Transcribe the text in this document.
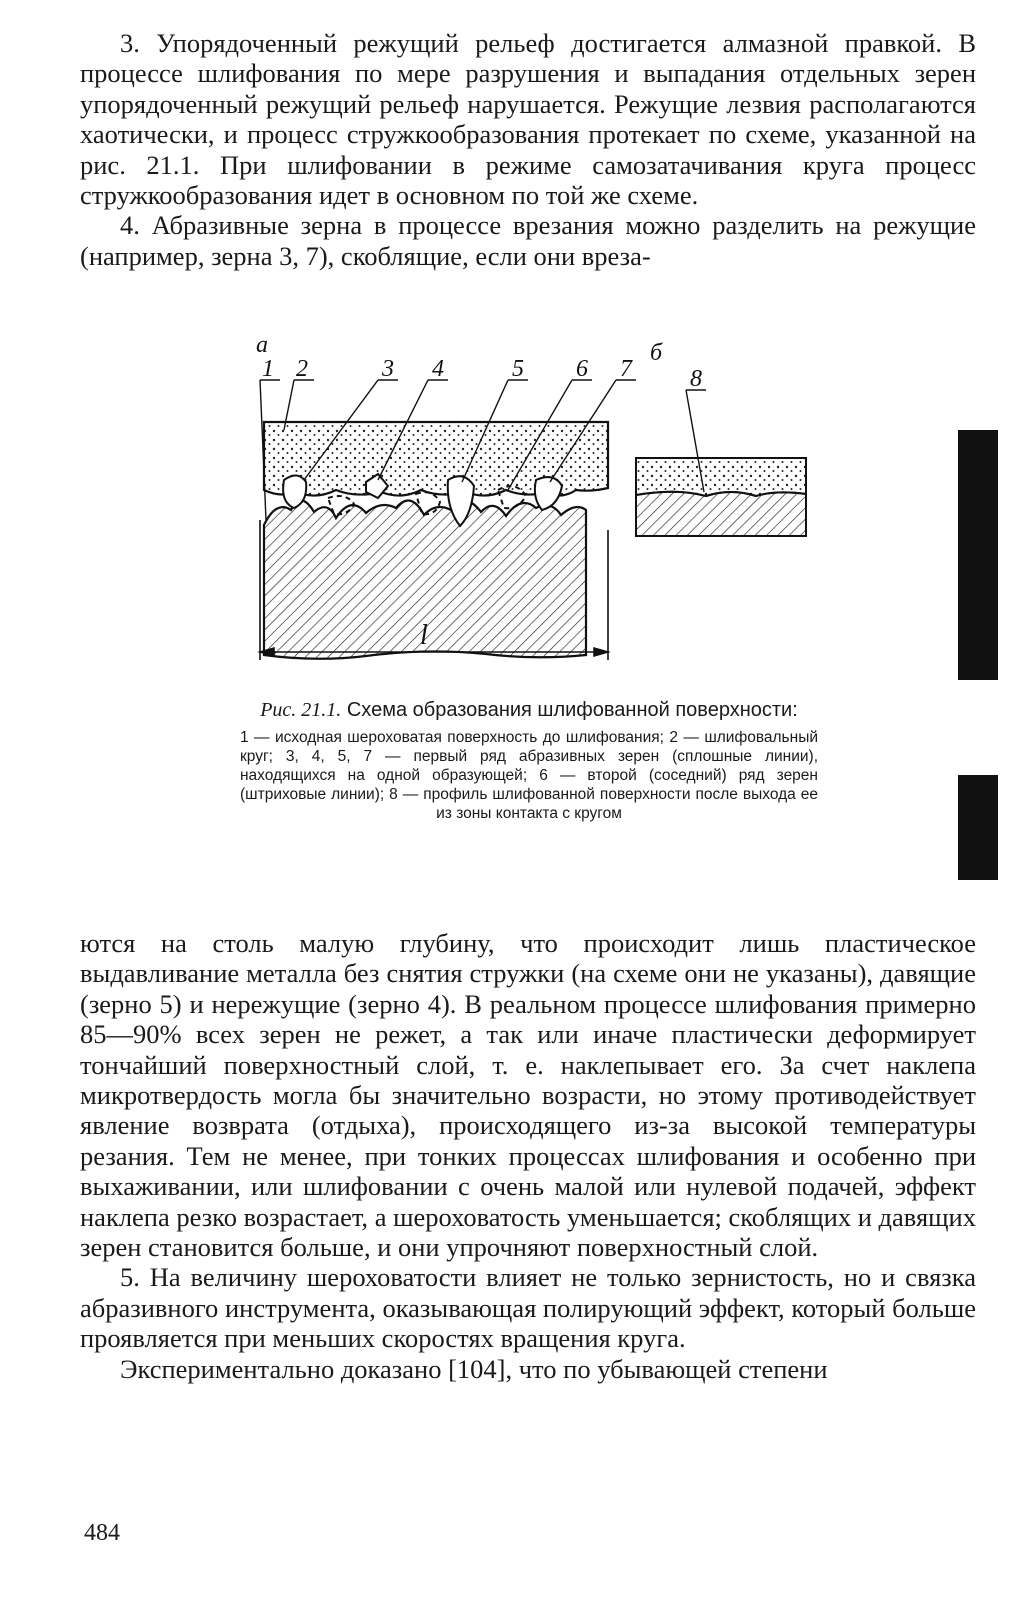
3. Упорядоченный режущий рельеф достигается алмазной правкой. В процессе шлифования по мере разрушения и выпадания отдельных зерен упорядоченный режущий рельеф нарушается. Режущие лезвия располагаются хаотически, и процесс стружкообразования протекает по схеме, указанной на рис. 21.1. При шлифовании в режиме самозатачивания круга процесс стружкообразования идет в основном по той же схеме.

4. Абразивные зерна в процессе врезания можно разделить на режущие (например, зерна 3, 7), скоблящие, если они вреза-

а	б
1 2	3 4	5 6 7 8
l
Рис. 21.1. Схема образования шлифованной поверхности:
1 — исходная шероховатая поверхность до шлифования; 2 — шлифовальный круг; 3, 4, 5, 7 — первый ряд абразивных зерен (сплошные линии), находящихся на одной образующей; 6 — второй (соседний) ряд зерен (штриховые линии); 8 — профиль шлифованной поверхности после выхода ее из зоны контакта с кругом

ются на столь малую глубину, что происходит лишь пластическое выдавливание металла без снятия стружки (на схеме они не указаны), давящие (зерно 5) и нережущие (зерно 4). В реальном процессе шлифования примерно 85—90% всех зерен не режет, а так или иначе пластически деформирует тончайший поверхностный слой, т. е. наклепывает его. За счет наклепа микротвердость могла бы значительно возрасти, но этому противодействует явление возврата (отдыха), происходящего из-за высокой температуры резания. Тем не менее, при тонких процессах шлифования и особенно при выхаживании, или шлифовании с очень малой или нулевой подачей, эффект наклепа резко возрастает, а шероховатость уменьшается; скоблящих и давящих зерен становится больше, и они упрочняют поверхностный слой.

5. На величину шероховатости влияет не только зернистость, но и связка абразивного инструмента, оказывающая полирующий эффект, который больше проявляется при меньших скоростях вращения круга.

Экспериментально доказано [104], что по убывающей степени

484
